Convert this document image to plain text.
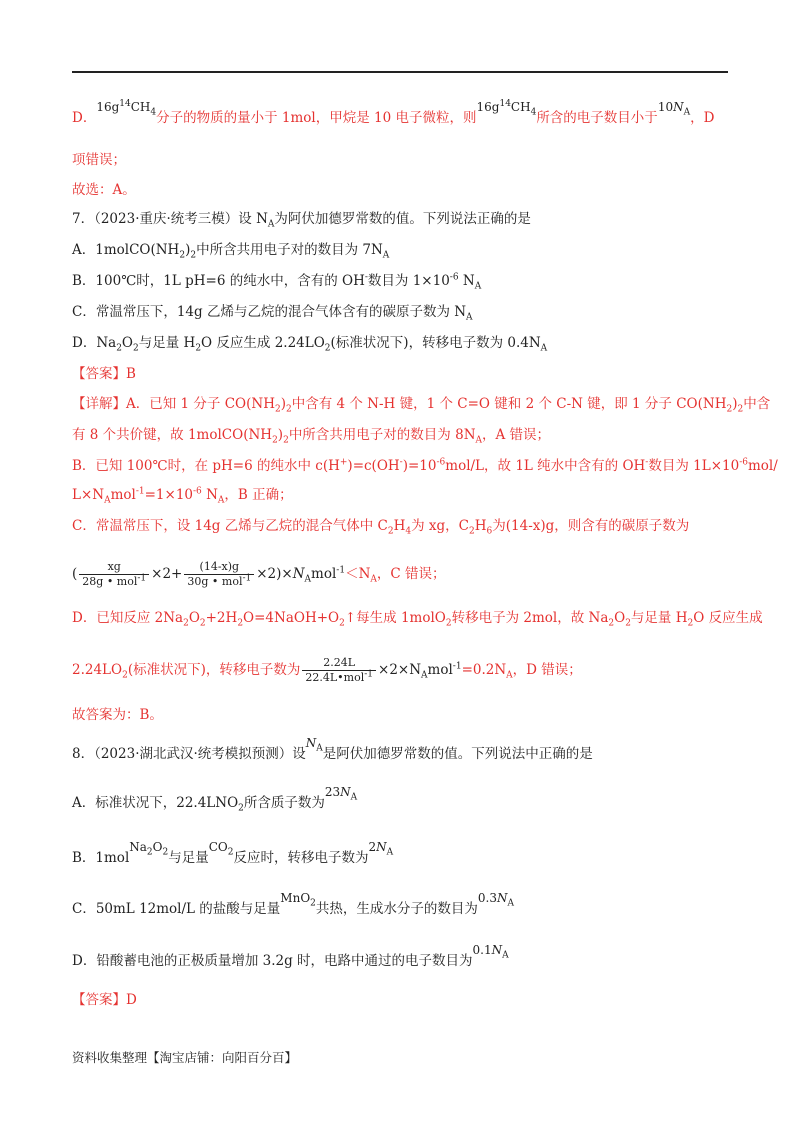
D．$16g^{14}CH_4$分子的物质的量小于 1mol，甲烷是 10 电子微粒，则$16g^{14}CH_4$所含的电子数目小于$10N_A$，D
项错误；
故选：A。
7．（2023·重庆·统考三模）设 $N_A$为阿伏加德罗常数的值。下列说法正确的是
A．$1molCO(NH_2)_2$中所含共用电子对的数目为 $7N_A$
B．100℃时，1L pH=6 的纯水中，含有的 OH-数目为 $1\times 10^{-6}$ $N_A$
C．常温常压下，14g 乙烯与乙烷的混合气体含有的碳原子数为 $N_A$
D．$Na_2O_2$与足量 $H_2O$ 反应生成 $2.24LO_2$(标准状况下)，转移电子数为 $0.4N_A$
【答案】B
【详解】A．已知 1 分子 $CO(NH_2)_2$中含有 4 个 N-H 键，1 个 C=O 键和 2 个 C-N 键，即 1 分子 $CO(NH_2)_2$中含
有 8 个共价键，故 $1molCO(NH_2)_2$中所含共用电子对的数目为 $8N_A$，A 错误；
B．已知 100℃时，在 pH=6 的纯水中 $c(H^+)=c(OH^-)=10^{-6}mol/L$，故 1L 纯水中含有的 OH-数目为 $1L\times 10^{-6}mol/$
$L\times N_Amol^{-1}=1\times 10^{-6}$ $N_A$，B 正确；
C．常温常压下，设 14g 乙烯与乙烷的混合气体中 $C_2H_4$为 xg，$C_2H_6$为(14-x)g，则含有的碳原子数为
( $\frac{xg}{28g • mol^{-1}} \times 2+ \frac{(14-x)g}{30g • mol^{-1}} \times 2)\times N_Amol^{-1}<N_A$，C 错误；
D．已知反应 $2Na_2O_2+2H_2O=4NaOH+O_2↑$每生成 1molO$_2$转移电子为 2mol，故 $Na_2O_2$与足量 $H_2O$ 反应生成
$2.24LO_2$(标准状况下)，转移电子数为 $\frac{2.24L}{22.4L•mol^{-1}} \times 2\times N_Amol^{-1}=0.2N_A$，D 错误；
故答案为：B。
8．（2023·湖北武汉·统考模拟预测）设$N_A$是阿伏加德罗常数的值。下列说法中正确的是
A．标准状况下，$22.4LNO_2$所含质子数为$23N_A$
B．$1molNa_2O_2$与足量$CO_2$反应时，转移电子数为$2N_A$
C．50mL 12mol/L 的盐酸与足量MnO$_2$共热，生成水分子的数目为$0.3N_A$
D．铅酸蓄电池的正极质量增加 3.2g 时，电路中通过的电子数目为$0.1N_A$
【答案】D
资料收集整理【淘宝店铺：向阳百分百】
